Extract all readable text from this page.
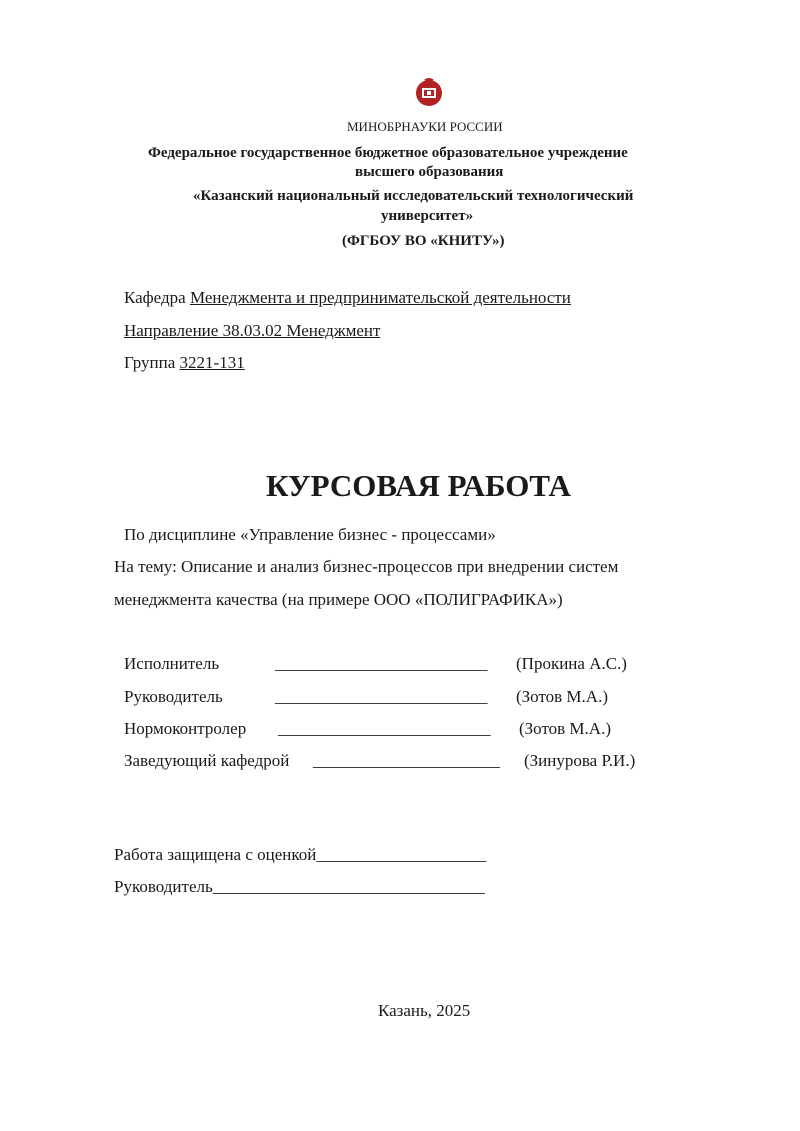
МИНОБРНАУКИ РОССИИ
Федеральное государственное бюджетное образовательное учреждение
высшего образования
«Казанский национальный исследовательский технологический
университет»
(ФГБОУ ВО «КНИТУ»)
Кафедра Менеджмента и предпринимательской деятельности
Направление 38.03.02 Менеджмент
Группа 3221-131
КУРСОВАЯ РАБОТА
По дисциплине «Управление бизнес - процессами»
На тему: Описание и анализ бизнес-процессов при внедрении систем
менеджмента качества (на примере ООО «ПОЛИГРАФИКА»)
Исполнитель	_________________________ (Прокина А.С.)
Руководитель	_________________________ (Зотов М.А.)
Нормоконтролер _________________________ (Зотов М.А.)
Заведующий кафедрой ______________________ (Зинурова Р.И.)
Работа защищена с оценкой____________________
Руководитель________________________________
Казань, 2025
